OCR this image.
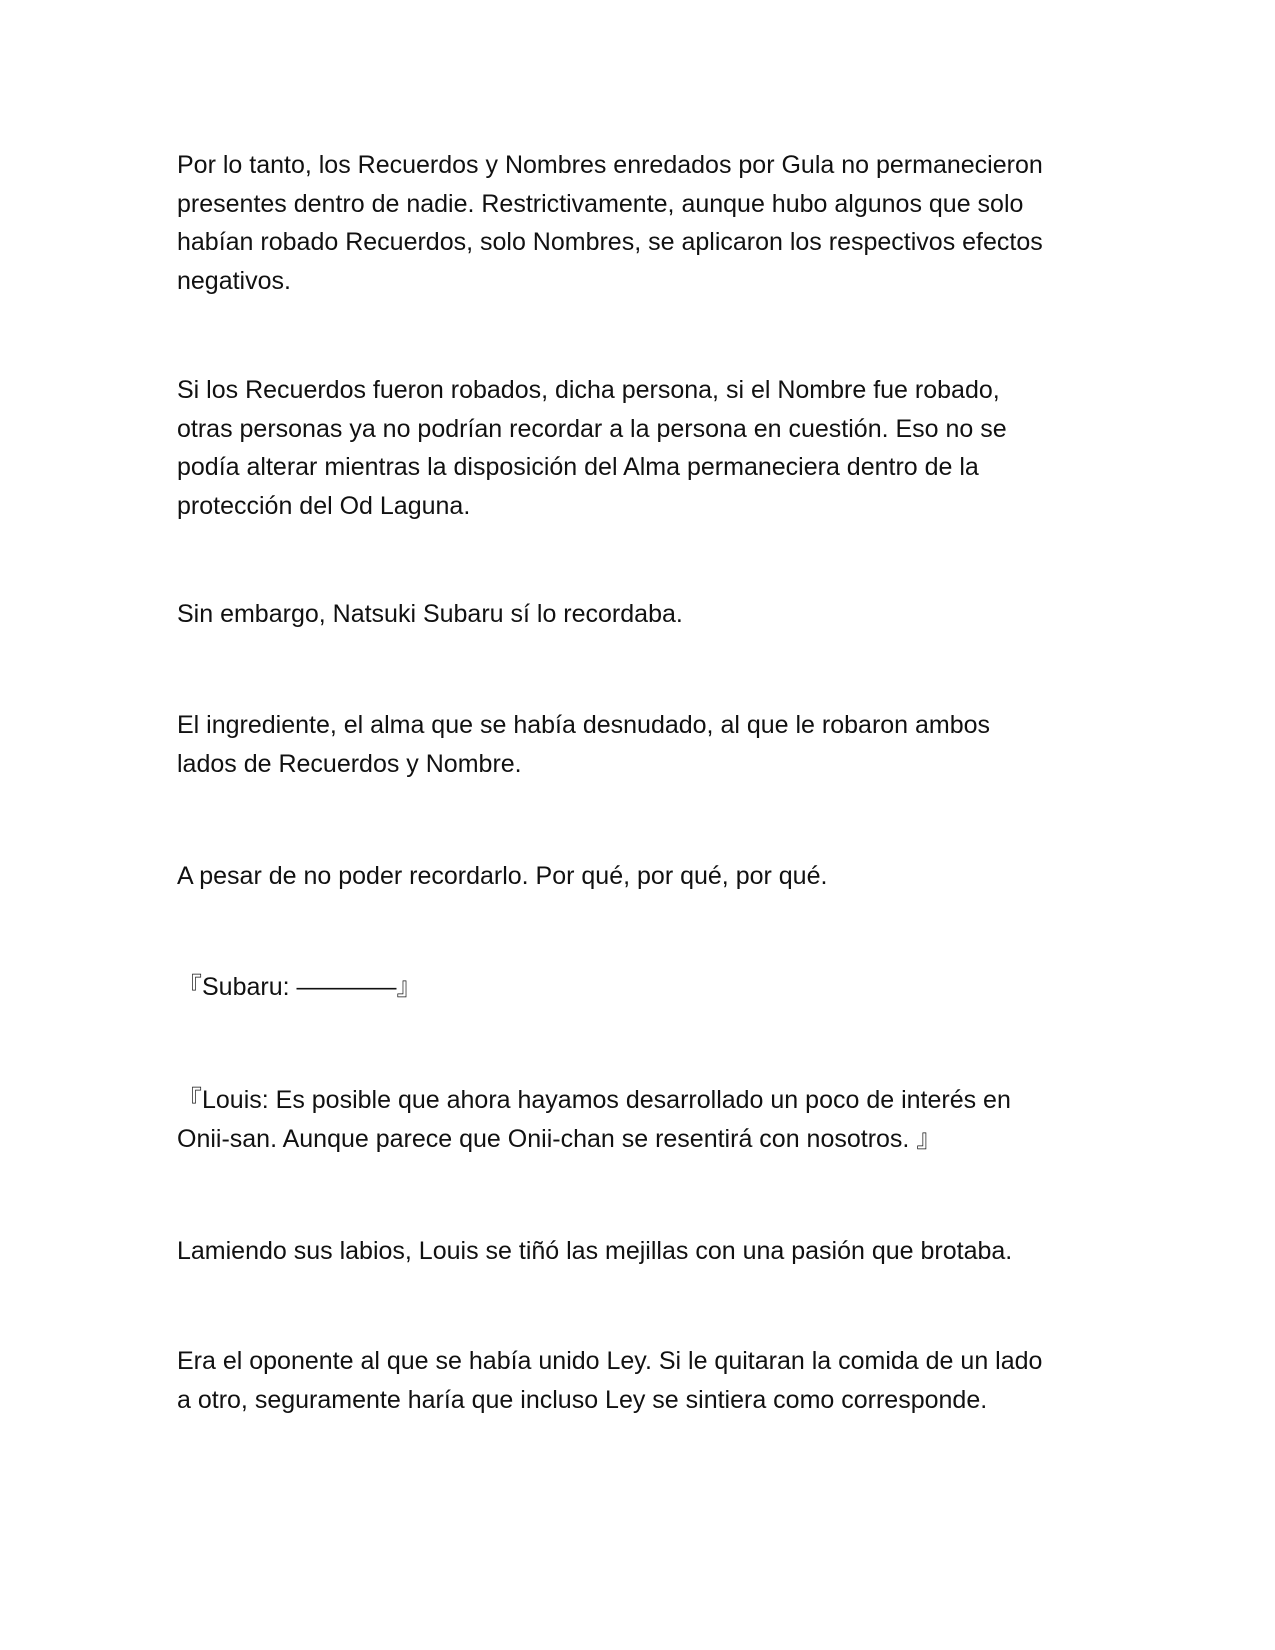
Por lo tanto, los Recuerdos y Nombres enredados por Gula no permanecieron
presentes dentro de nadie. Restrictivamente, aunque hubo algunos que solo
habían robado Recuerdos, solo Nombres, se aplicaron los respectivos efectos
negativos.

Si los Recuerdos fueron robados, dicha persona, si el Nombre fue robado,
otras personas ya no podrían recordar a la persona en cuestión. Eso no se
podía alterar mientras la disposición del Alma permaneciera dentro de la
protección del Od Laguna.

Sin embargo, Natsuki Subaru sí lo recordaba.

El ingrediente, el alma que se había desnudado, al que le robaron ambos
lados de Recuerdos y Nombre.

A pesar de no poder recordarlo. Por qué, por qué, por qué.

『Subaru: ————』

『Louis: Es posible que ahora hayamos desarrollado un poco de interés en
Onii-san. Aunque parece que Onii-chan se resentirá con nosotros. 』

Lamiendo sus labios, Louis se tiñó las mejillas con una pasión que brotaba.

Era el oponente al que se había unido Ley. Si le quitaran la comida de un lado
a otro, seguramente haría que incluso Ley se sintiera como corresponde.
